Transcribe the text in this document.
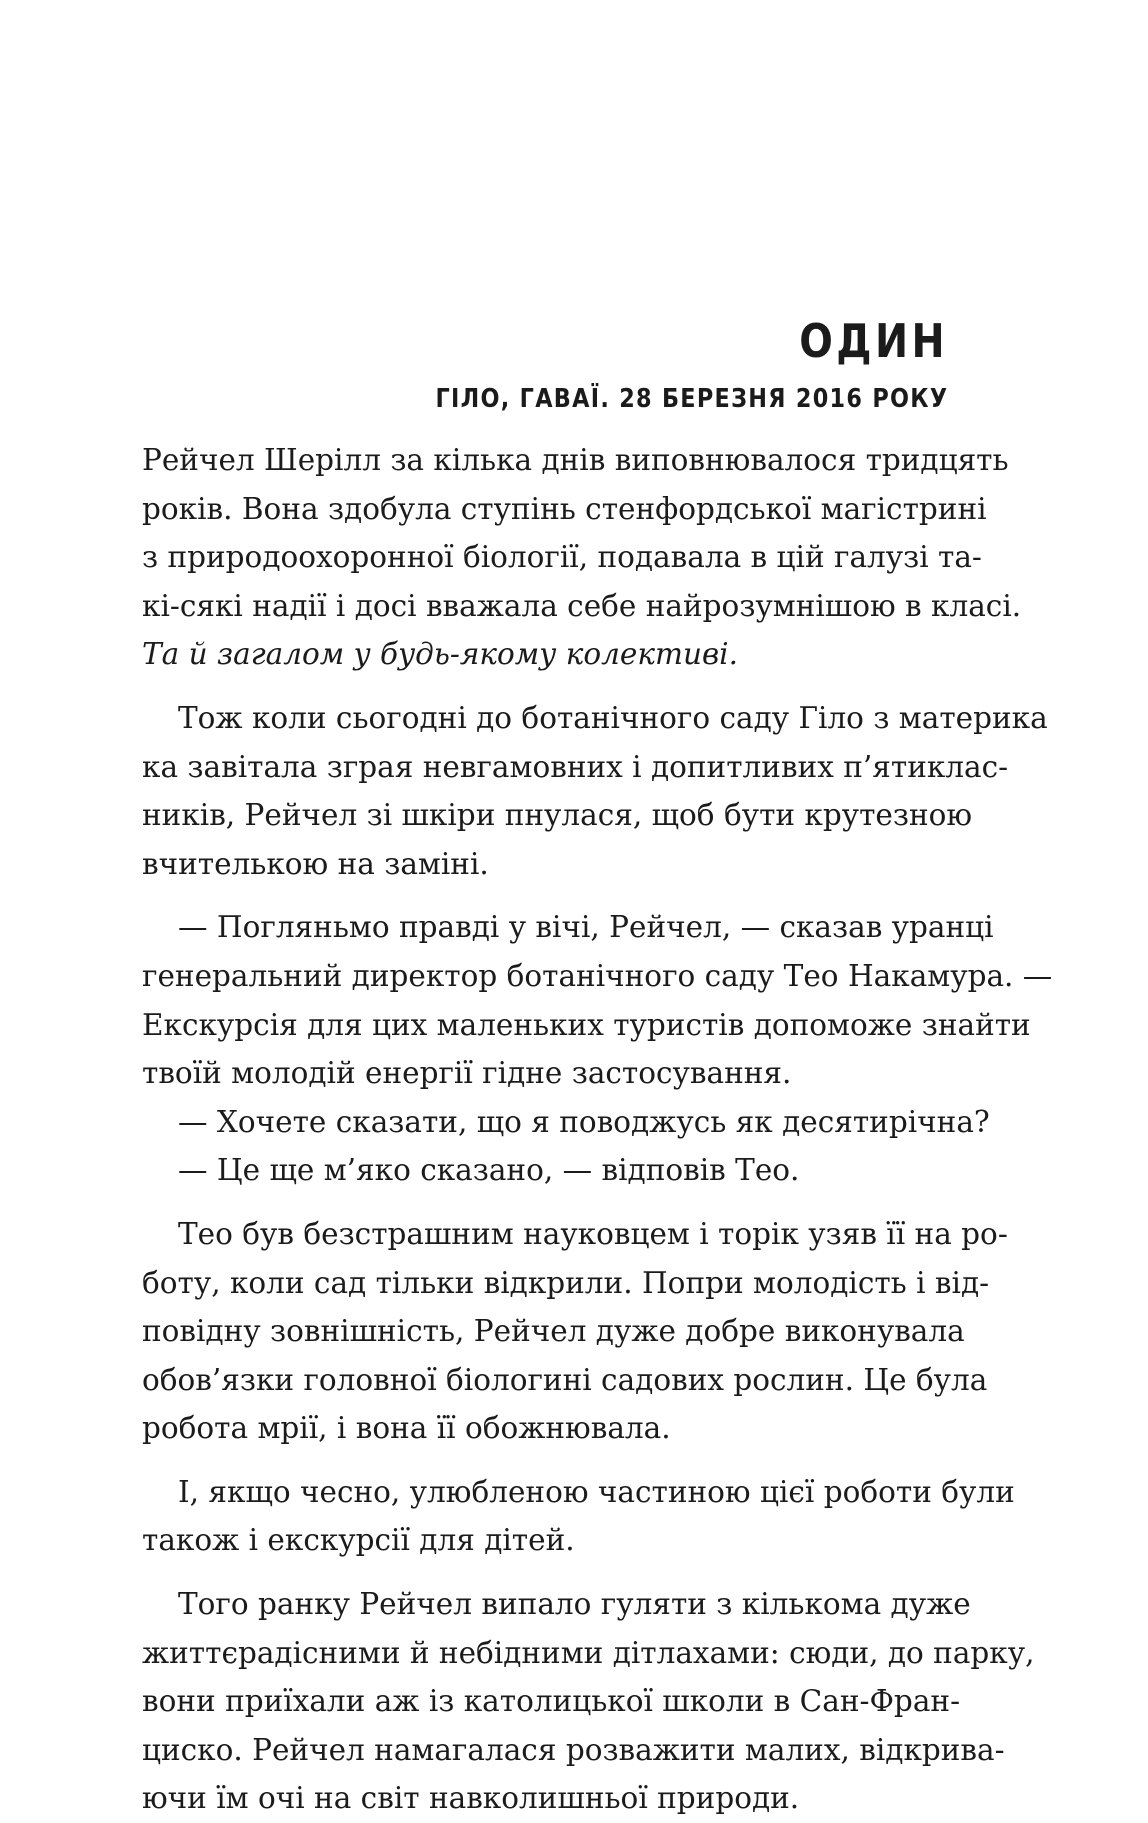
ОДИН
ГІЛО, ГАВАЇ. 28 БЕРЕЗНЯ 2016 РОКУ
Рейчел Шерілл за кілька днів виповнювалося тридцять
років. Вона здобула ступінь стенфордської магістрині
з природоохоронної біології, подавала в цій галузі та-
кі-сякі надії і досі вважала себе найрозумнішою в класі.
Та й загалом у будь-якому колективі.
Тож коли сьогодні до ботанічного саду Гіло з материка
ка завітала зграя невгамовних і допитливих п’ятиклас-
ників, Рейчел зі шкіри пнулася, щоб бути крутезною
вчителькою на заміні.
— Погляньмо правді у вічі, Рейчел, — сказав уранці
генеральний директор ботанічного саду Тео Накамура. —
Екскурсія для цих маленьких туристів допоможе знайти
твоїй молодій енергії гідне застосування.
— Хочете сказати, що я поводжусь як десятирічна?
— Це ще м’яко сказано, — відповів Тео.
Тео був безстрашним науковцем і торік узяв її на ро-
боту, коли сад тільки відкрили. Попри молодість і від-
повідну зовнішність, Рейчел дуже добре виконувала
обов’язки головної біологині садових рослин. Це була
робота мрії, і вона її обожнювала.
І, якщо чесно, улюбленою частиною цієї роботи були
також і екскурсії для дітей.
Того ранку Рейчел випало гуляти з кількома дуже
життєрадісними й небідними дітлахами: сюди, до парку,
вони приїхали аж із католицької школи в Сан-Фран-
циско. Рейчел намагалася розважити малих, відкрива-
ючи їм очі на світ навколишньої природи.
